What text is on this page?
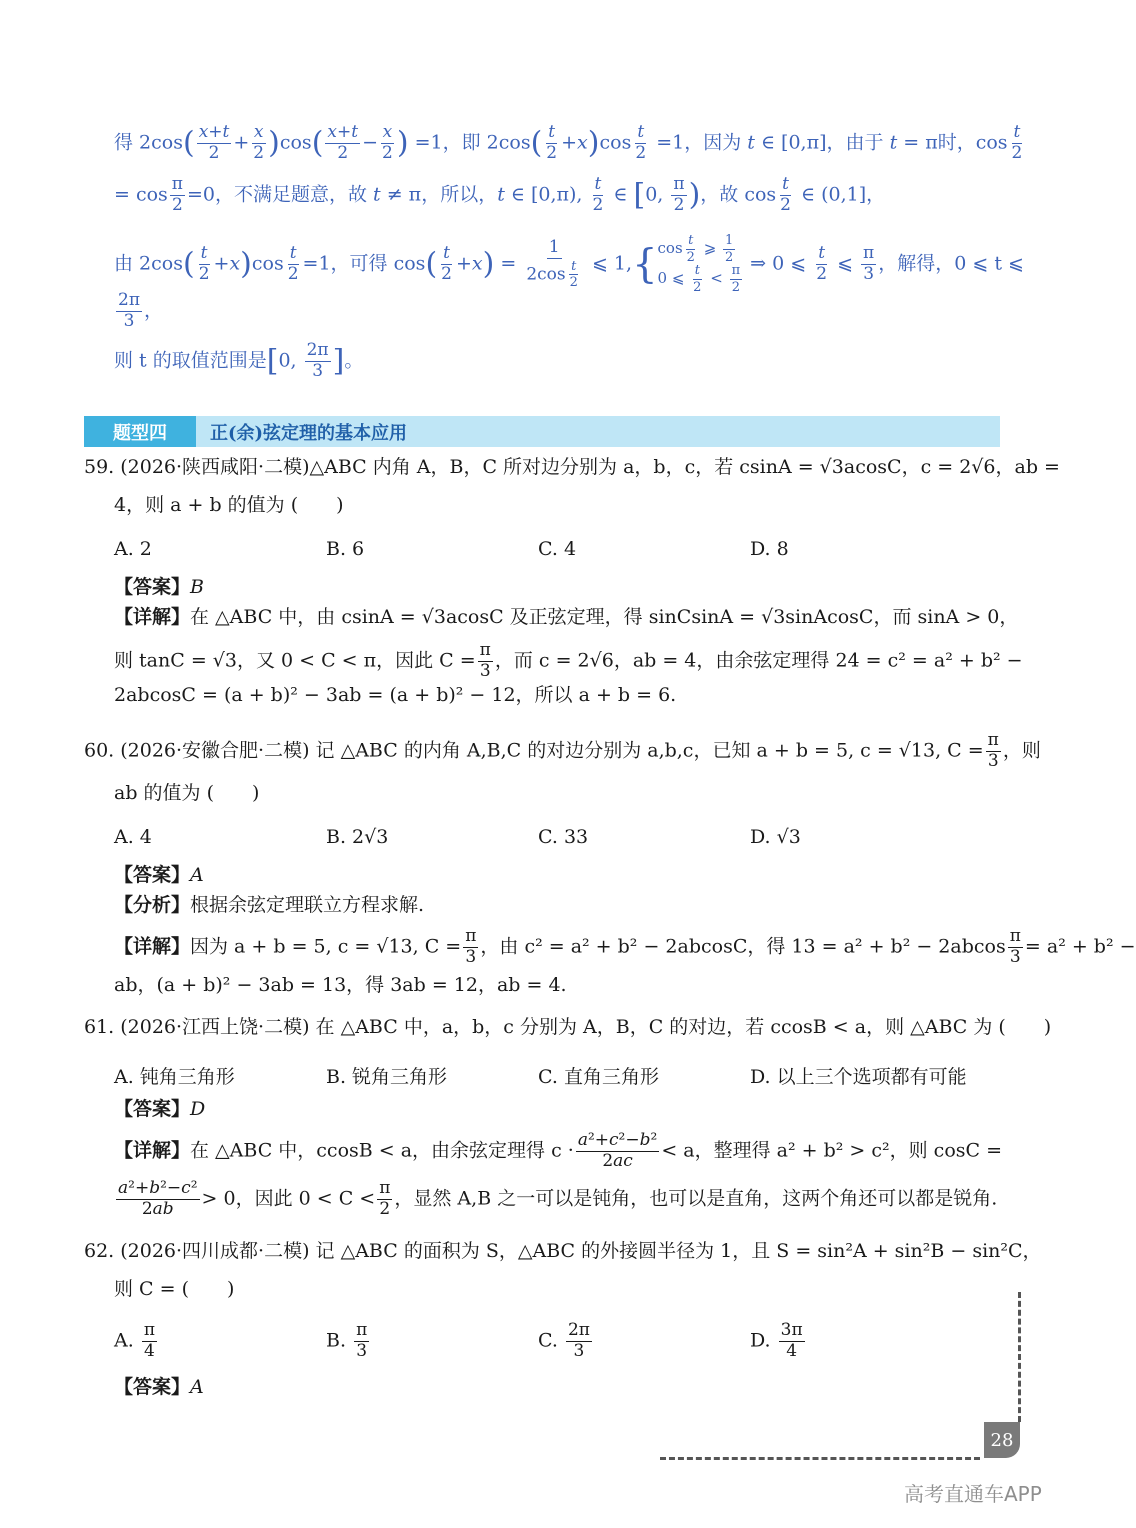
得 $2\cos( \frac{x+t}{2} + \frac{x}{2} )\cos( \frac{x+t}{2} - \frac{x}{2}$ ) =1，即 $2\cos( \frac{t}{2} +x)\cos \frac{t}{2} =1$，因为 t ∈ [0,π]，由于 t = π时，$\cos \frac{t}{2}$
= $\cos \frac{\pi}{2} =0$，不满足题意，故 t ≠ π，所以，t ∈ [0,π), $\frac{t}{2}$ ∈ [0, $\frac{\pi}{2}$ )，故 $\cos \frac{t}{2}$ ∈ (0,1]，
由 $2\cos( \frac{t}{2} +x)\cos \frac{t}{2} =1$，可得 $\cos( \frac{t}{2} +x) = \frac{1}{2\cos \frac{t}{2}}$ ⩽ 1,{ $\cos \frac{t}{2}$ ⩾ $\frac{1}{2}$
0 ⩽ $\frac{t}{2} < \frac{\pi}{2}$
⇒ 0 ⩽ $\frac{t}{2}$ ⩽ $\frac{\pi}{3}$ ，解得，0 ⩽ t ⩽
$\frac{2\pi}{3}$ ，
则 t 的取值范围是[0, $\frac{2\pi}{3}$ ]。
题型四	正(余)弦定理的基本应用
59. (2026·陕西咸阳·二模)△ABC 内角 A，B，C 所对边分别为 a，b，c，若 csinA = √3acosC，c = 2√6，ab =
4，则 a + b 的值为 (　　)
A. 2	B. 6	C. 4	D. 8
【答案】B
【详解】在 △ABC 中，由 csinA = √3acosC 及正弦定理，得 sinCsinA = √3sinAcosC，而 sinA > 0，
则 tanC = √3，又 0 < C < π，因此 $C = \frac{\pi}{3}$ ，而 c = 2√6，ab = 4，由余弦定理得 24 = c² = a² + b² −
2abcosC = (a + b)² − 3ab = (a + b)² − 12，所以 a + b = 6.
60. (2026·安徽合肥·二模) 记 △ABC 的内角 A,B,C 的对边分别为 a,b,c，已知 a + b = 5, c = √13, $C = \frac{\pi}{3}$ ，则
ab 的值为 (　　)
A. 4	B. 2√3	C. 33	D. √3
【答案】A
【分析】根据余弦定理联立方程求解.
【详解】因为 a + b = 5, c = √13, $C = \frac{\pi}{3}$ ，由 c² = a² + b² − 2abcosC，得 $13 = a^2 + b^2 - 2abcos \frac{\pi}{3} = a^2 + b^2$ −
ab，(a + b)² − 3ab = 13，得 3ab = 12，ab = 4.
61. (2026·江西上饶·二模) 在 △ABC 中，a，b，c 分别为 A，B，C 的对边，若 ccosB < a，则 △ABC 为 (　　)
A. 钝角三角形	B. 锐角三角形	C. 直角三角形	D. 以上三个选项都有可能
【答案】D
【详解】在 △ABC 中，ccosB < a，由余弦定理得 $c \cdot \frac{\text{a²+c²−b²}}{2ac} < a$，整理得 a² + b² > c²，则 cosC =
$\frac{\text{a²+b²−c²}}{2ab} > 0$，因此 $0 < C < \frac{\pi}{2}$ ，显然 A,B 之一可以是钝角，也可以是直角，这两个角还可以都是锐角.
62. (2026·四川成都·二模) 记 △ABC 的面积为 S，△ABC 的外接圆半径为 1，且 S = sin²A + sin²B − sin²C，
则 C = (　　)
A. $\frac{\pi}{4}$	B. $\frac{\pi}{3}$	C. $\frac{2\pi}{3}$	D. $\frac{3\pi}{4}$
【答案】A
28
高考直通车APP
